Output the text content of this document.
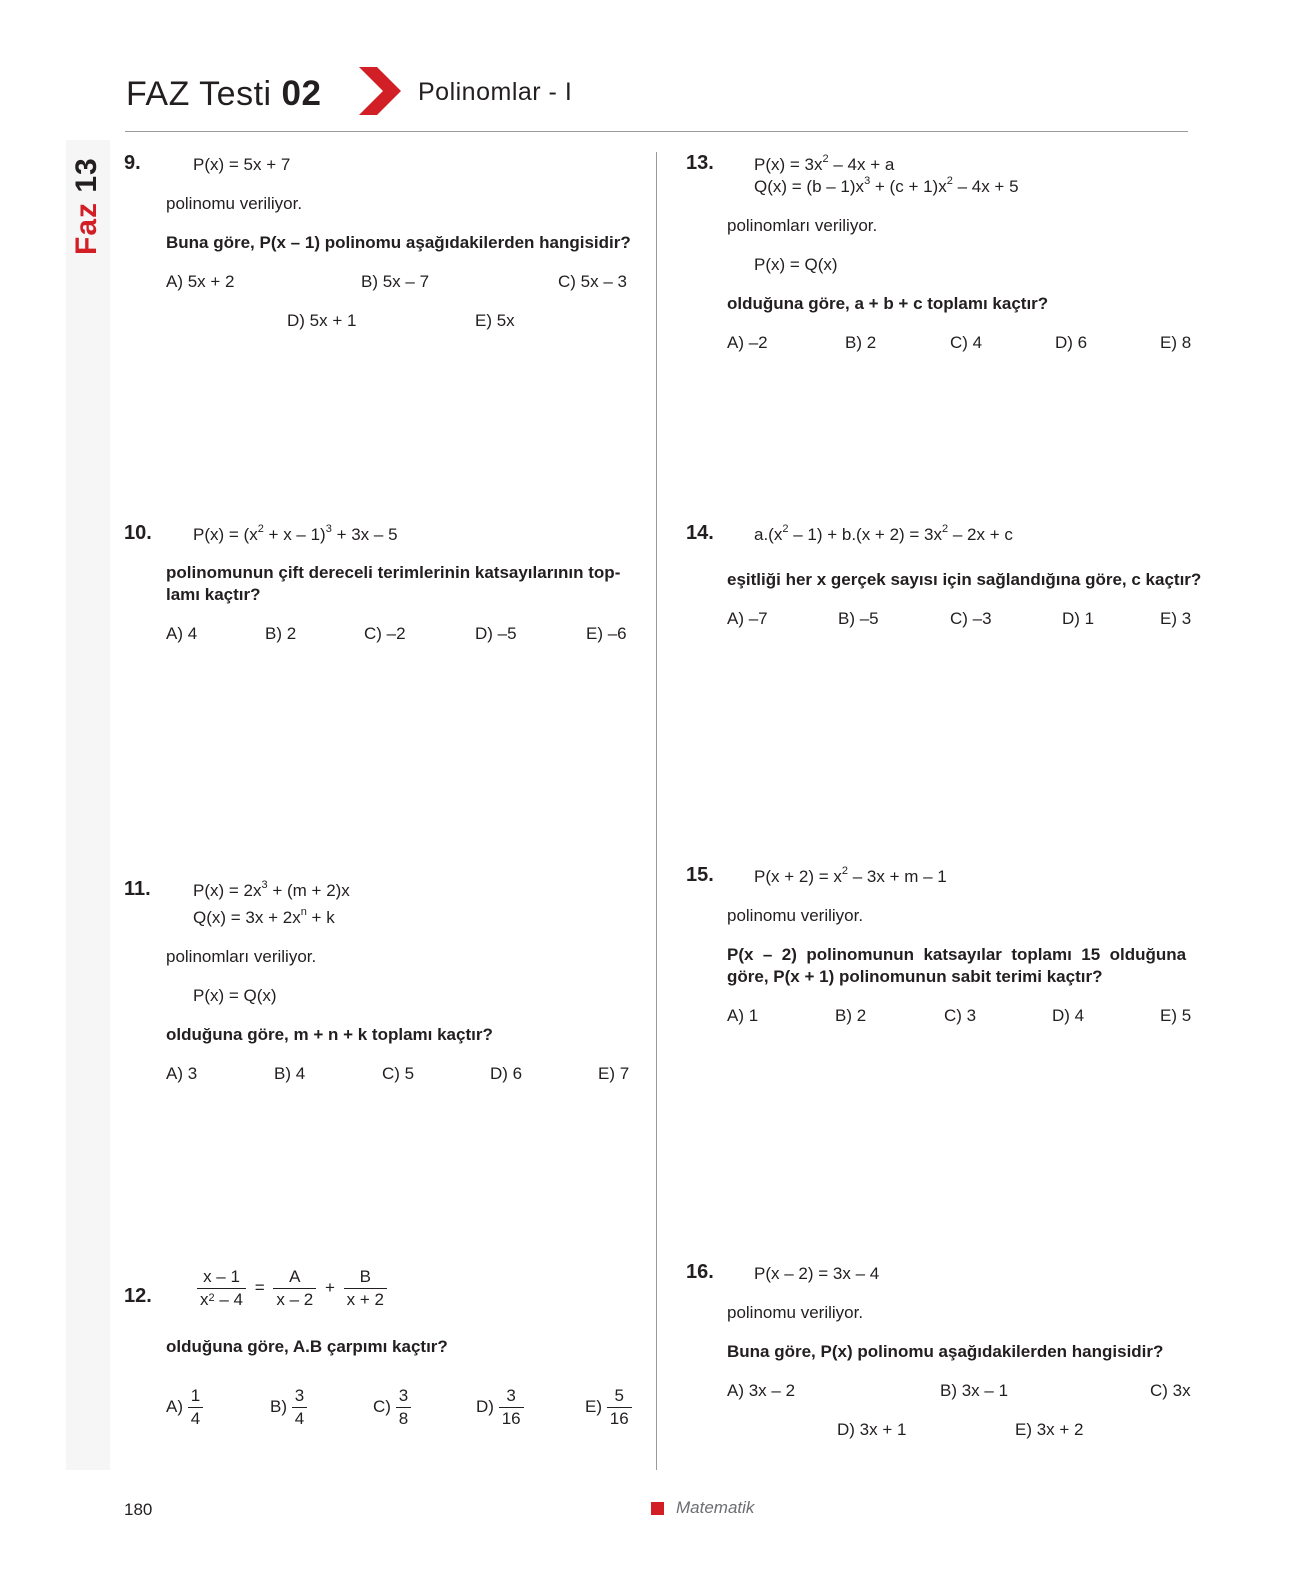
Faz 13
FAZ Testi 02	Polinomlar - I
9.	P(x) = 5x + 7
polinomu veriliyor.
Buna göre, P(x – 1) polinomu aşağıdakilerden hangisidir?
A) 5x + 2	B) 5x – 7	C) 5x – 3
D) 5x + 1	E) 5x
10. $P(x) = (x^2 + x - 1)^3 + 3x - 5$
polinomunun çift dereceli terimlerinin katsayılarının top-
lamı kaçtır?
A) 4	B) 2	C) –2	D) –5	E) –6
11. $P(x) = 2x^3 + (m + 2)x$
$Q(x) = 3x + 2x^n + k$
polinomları veriliyor.
P(x) = Q(x)
olduğuna göre, m + n + k toplamı kaçtır?
A) 3	B) 4	C) 5	D) 6	E) 7
12.	$\frac{x - 1}{x^2 - 4} = \frac{A}{x - 2} + \frac{B}{x + 2}$
olduğuna göre, A.B çarpımı kaçtır?
$A) \frac{1}{4}$	$B) \frac{3}{4}$	$C) \frac{3}{8}$	$D) \frac{3}{16}$	$E) \frac{5}{16}$
13. $P(x) = 3x^2 - 4x + a$
$Q(x) = (b - 1)x^3 + (c + 1)x^2 - 4x + 5$
polinomları veriliyor.
P(x) = Q(x)
olduğuna göre, a + b + c toplamı kaçtır?
A) –2	B) 2	C) 4	D) 6	E) 8
14. $a.(x^2 - 1) + b.(x + 2) = 3x^2 - 2x + c$
eşitliği her x gerçek sayısı için sağlandığına göre, c kaçtır?
A) –7	B) –5	C) –3	D) 1	E) 3
15. $P(x + 2) = x^2 - 3x + m - 1$
polinomu veriliyor.
P(x  –  2)  polinomunun  katsayılar  toplamı  15  olduğuna
göre, P(x + 1) polinomunun sabit terimi kaçtır?
A) 1	B) 2	C) 3	D) 4	E) 5
16. P(x – 2) = 3x – 4
polinomu veriliyor.
Buna göre, P(x) polinomu aşağıdakilerden hangisidir?
A) 3x – 2	B) 3x – 1	C) 3x
D) 3x + 1	E) 3x + 2
180	Matematik
